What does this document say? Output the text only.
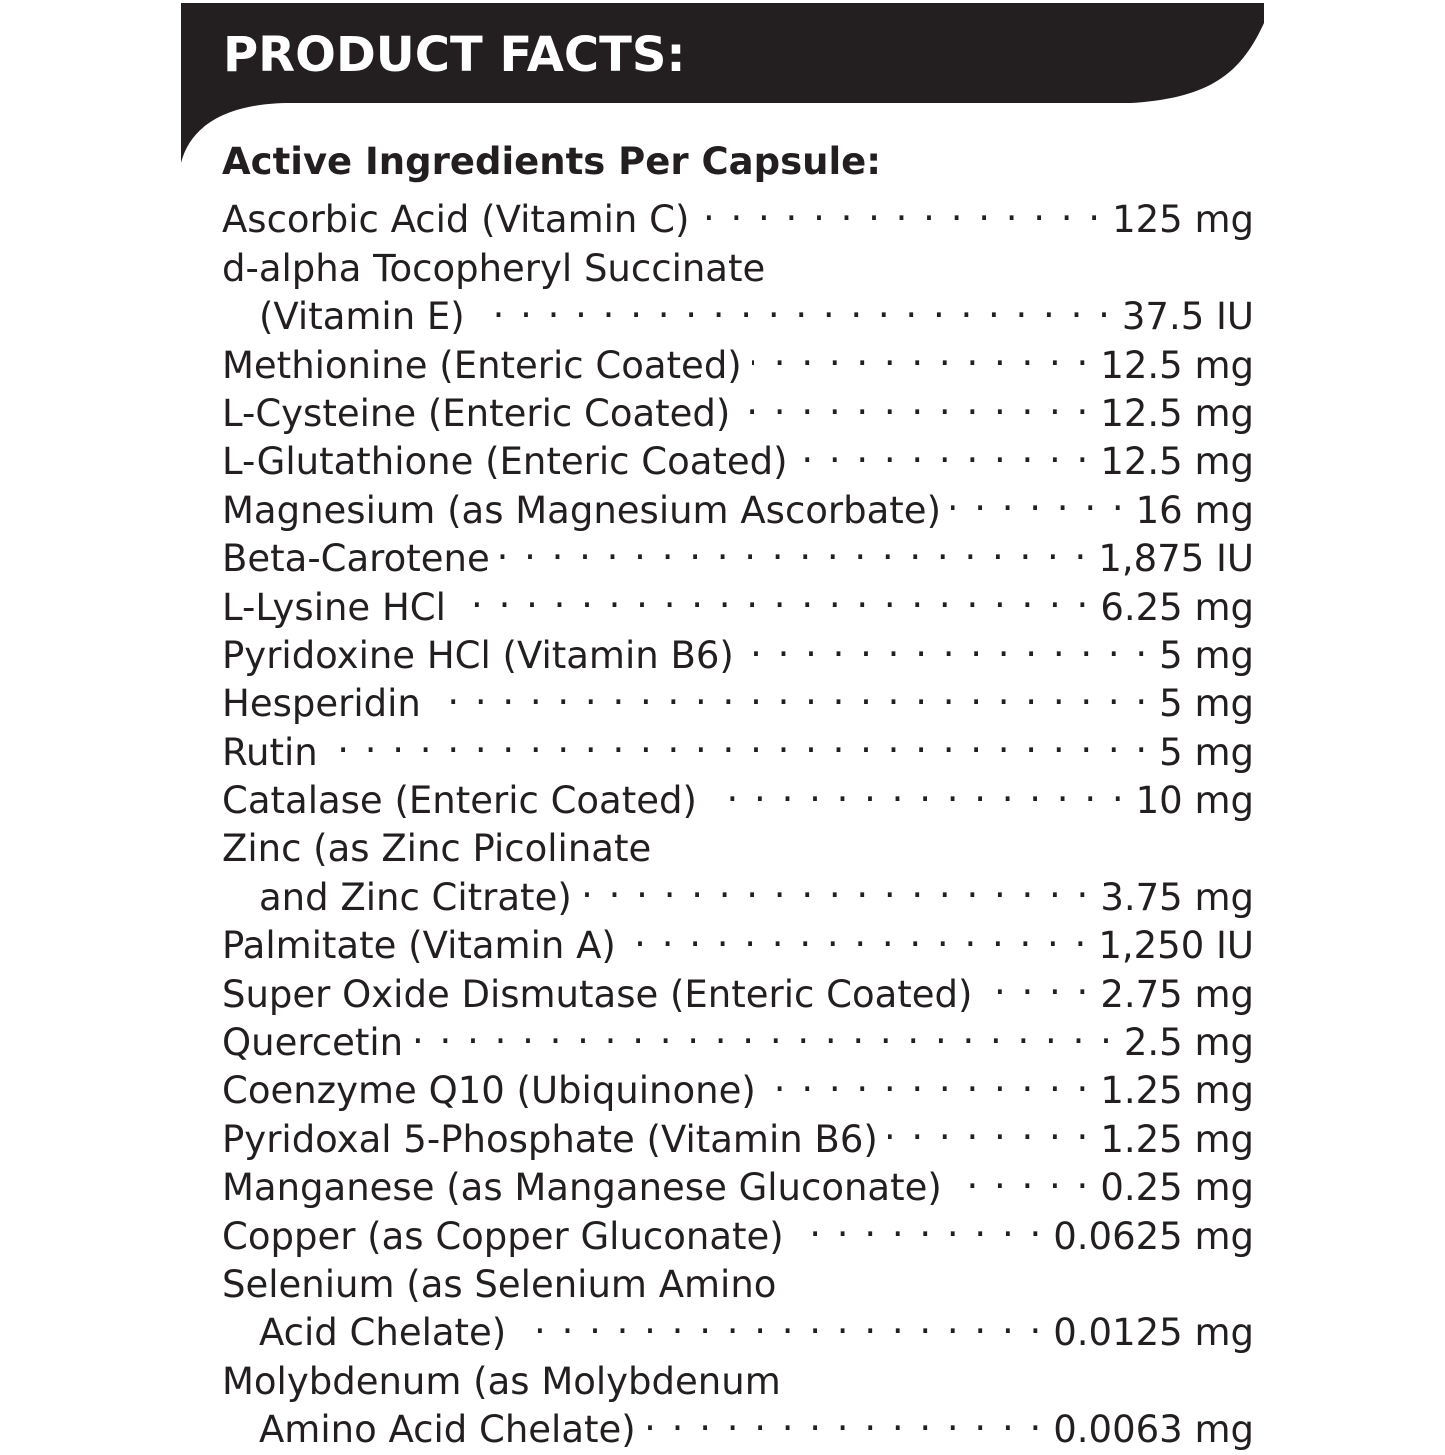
PRODUCT FACTS:
Active Ingredients Per Capsule:
Ascorbic Acid (Vitamin C) . . .	125 mg
d-alpha Tocopheryl Succinate
(Vitamin E) . . .	37.5 IU
Methionine (Enteric Coated) . . .	12.5 mg
L-Cysteine (Enteric Coated) . . .	12.5 mg
L-Glutathione (Enteric Coated) . . .	12.5 mg
Magnesium (as Magnesium Ascorbate) . . .	16 mg
Beta-Carotene . . .	1,875 IU
L-Lysine HCl . . .	6.25 mg
Pyridoxine HCl (Vitamin B6) . . .	5 mg
Hesperidin . . .	5 mg
Rutin . . .	5 mg
Catalase (Enteric Coated) . . .	10 mg
Zinc (as Zinc Picolinate
and Zinc Citrate) . . .	3.75 mg
Palmitate (Vitamin A) . . .	1,250 IU
Super Oxide Dismutase (Enteric Coated) . . .	2.75 mg
Quercetin . . .	2.5 mg
Coenzyme Q10 (Ubiquinone) . . .	1.25 mg
Pyridoxal 5-Phosphate (Vitamin B6) . . .	1.25 mg
Manganese (as Manganese Gluconate) . . .	0.25 mg
Copper (as Copper Gluconate) . . .	0.0625 mg
Selenium (as Selenium Amino
Acid Chelate) . . .	0.0125 mg
Molybdenum (as Molybdenum
Amino Acid Chelate) . . .	0.0063 mg
